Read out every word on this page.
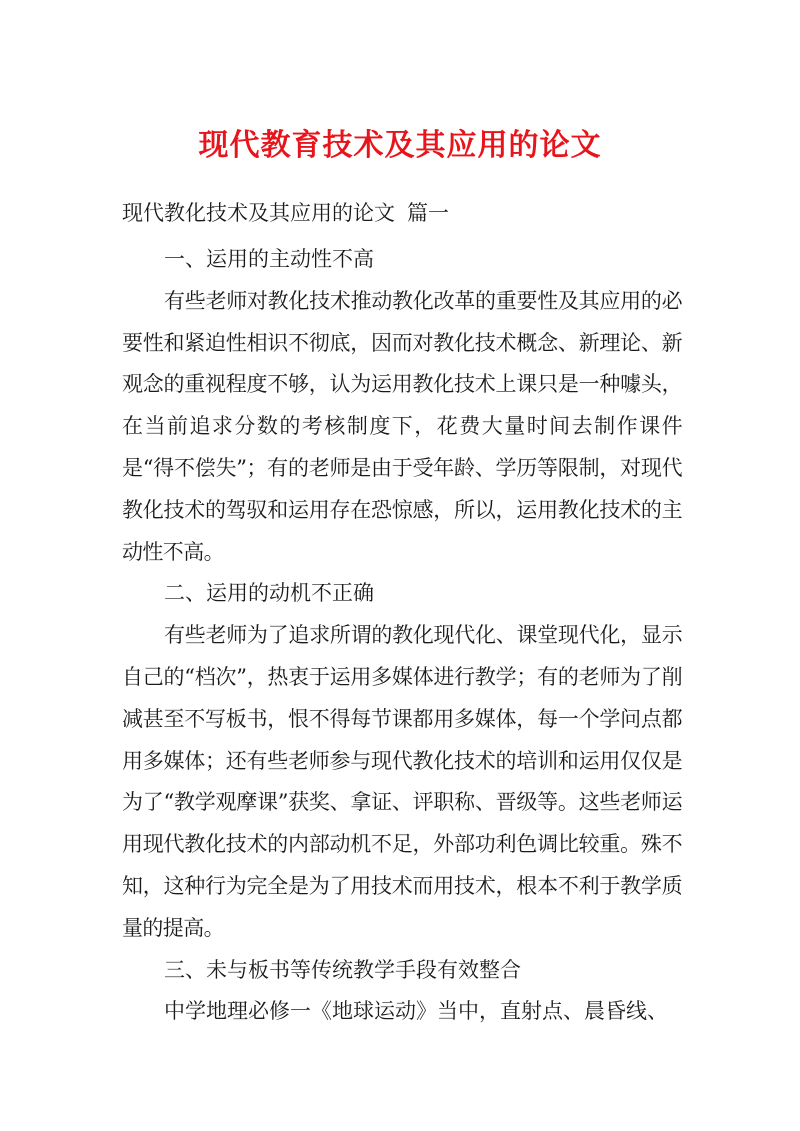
现代教育技术及其应用的论文
现代教化技术及其应用的论文 篇一

一、运用的主动性不高

有些老师对教化技术推动教化改革的重要性及其应用的必要性和紧迫性相识不彻底，因而对教化技术概念、新理论、新观念的重视程度不够，认为运用教化技术上课只是一种噱头，在当前追求分数的考核制度下，花费大量时间去制作课件是“得不偿失”；有的老师是由于受年龄、学历等限制，对现代教化技术的驾驭和运用存在恐惊感，所以，运用教化技术的主动性不高。

二、运用的动机不正确

有些老师为了追求所谓的教化现代化、课堂现代化，显示自己的“档次”，热衷于运用多媒体进行教学；有的老师为了削减甚至不写板书，恨不得每节课都用多媒体，每一个学问点都用多媒体；还有些老师参与现代教化技术的培训和运用仅仅是为了“教学观摩课”获奖、拿证、评职称、晋级等。这些老师运用现代教化技术的内部动机不足，外部功利色调比较重。殊不知，这种行为完全是为了用技术而用技术，根本不利于教学质量的提高。

三、未与板书等传统教学手段有效整合

中学地理必修一《地球运动》当中，直射点、晨昏线、
